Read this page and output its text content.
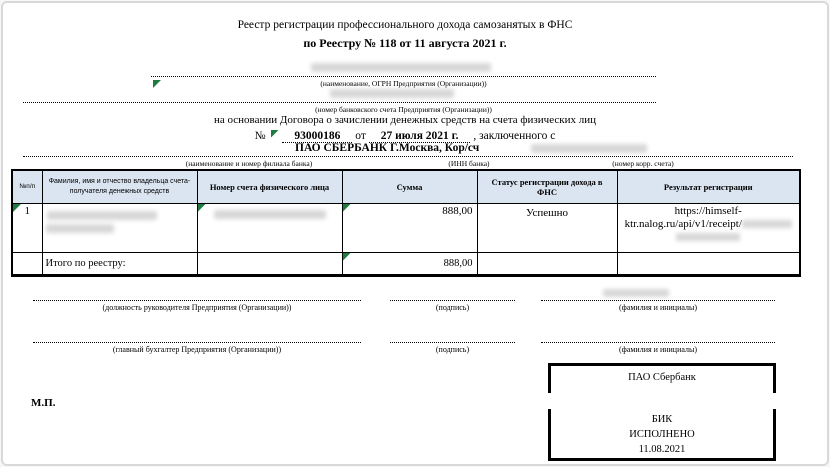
Реестр регистрации профессионального дохода самозанятых в ФНС
по Реестру № 118 от 11 августа 2021 г.
(наименование, ОГРН Предприятия (Организации))
(номер банковского счета Предприятия (Организации))
на основании Договора о зачислении денежных средств на счета физических лиц
№	93000186 от 27 июля 2021 г. , заключенного с
ПАО СБЕРБАНК Г.Москва, Кор/сч
(наименование и номер филиала банка)	(ИНН банка)	(номер корр. счета)
№п/п	Фамилия, имя и отчество владельца счета-получателя денежных средств	Номер счета физического лица	Сумма	Статус регистрации дохода в ФНС	Результат регистрации

1			888,00	Успешно	https://himself-
ktr.nalog.ru/api/v1/receipt/

	Итого по реестру:		888,00		
(должность руководителя Предприятия (Организации))	(подпись)	(фамилия и инициалы)
(главный бухгалтер Предприятия (Организации))	(подпись)	(фамилия и инициалы)
М.П.
ПАО Сбербанк
БИК
ИСПОЛНЕНО
11.08.2021
